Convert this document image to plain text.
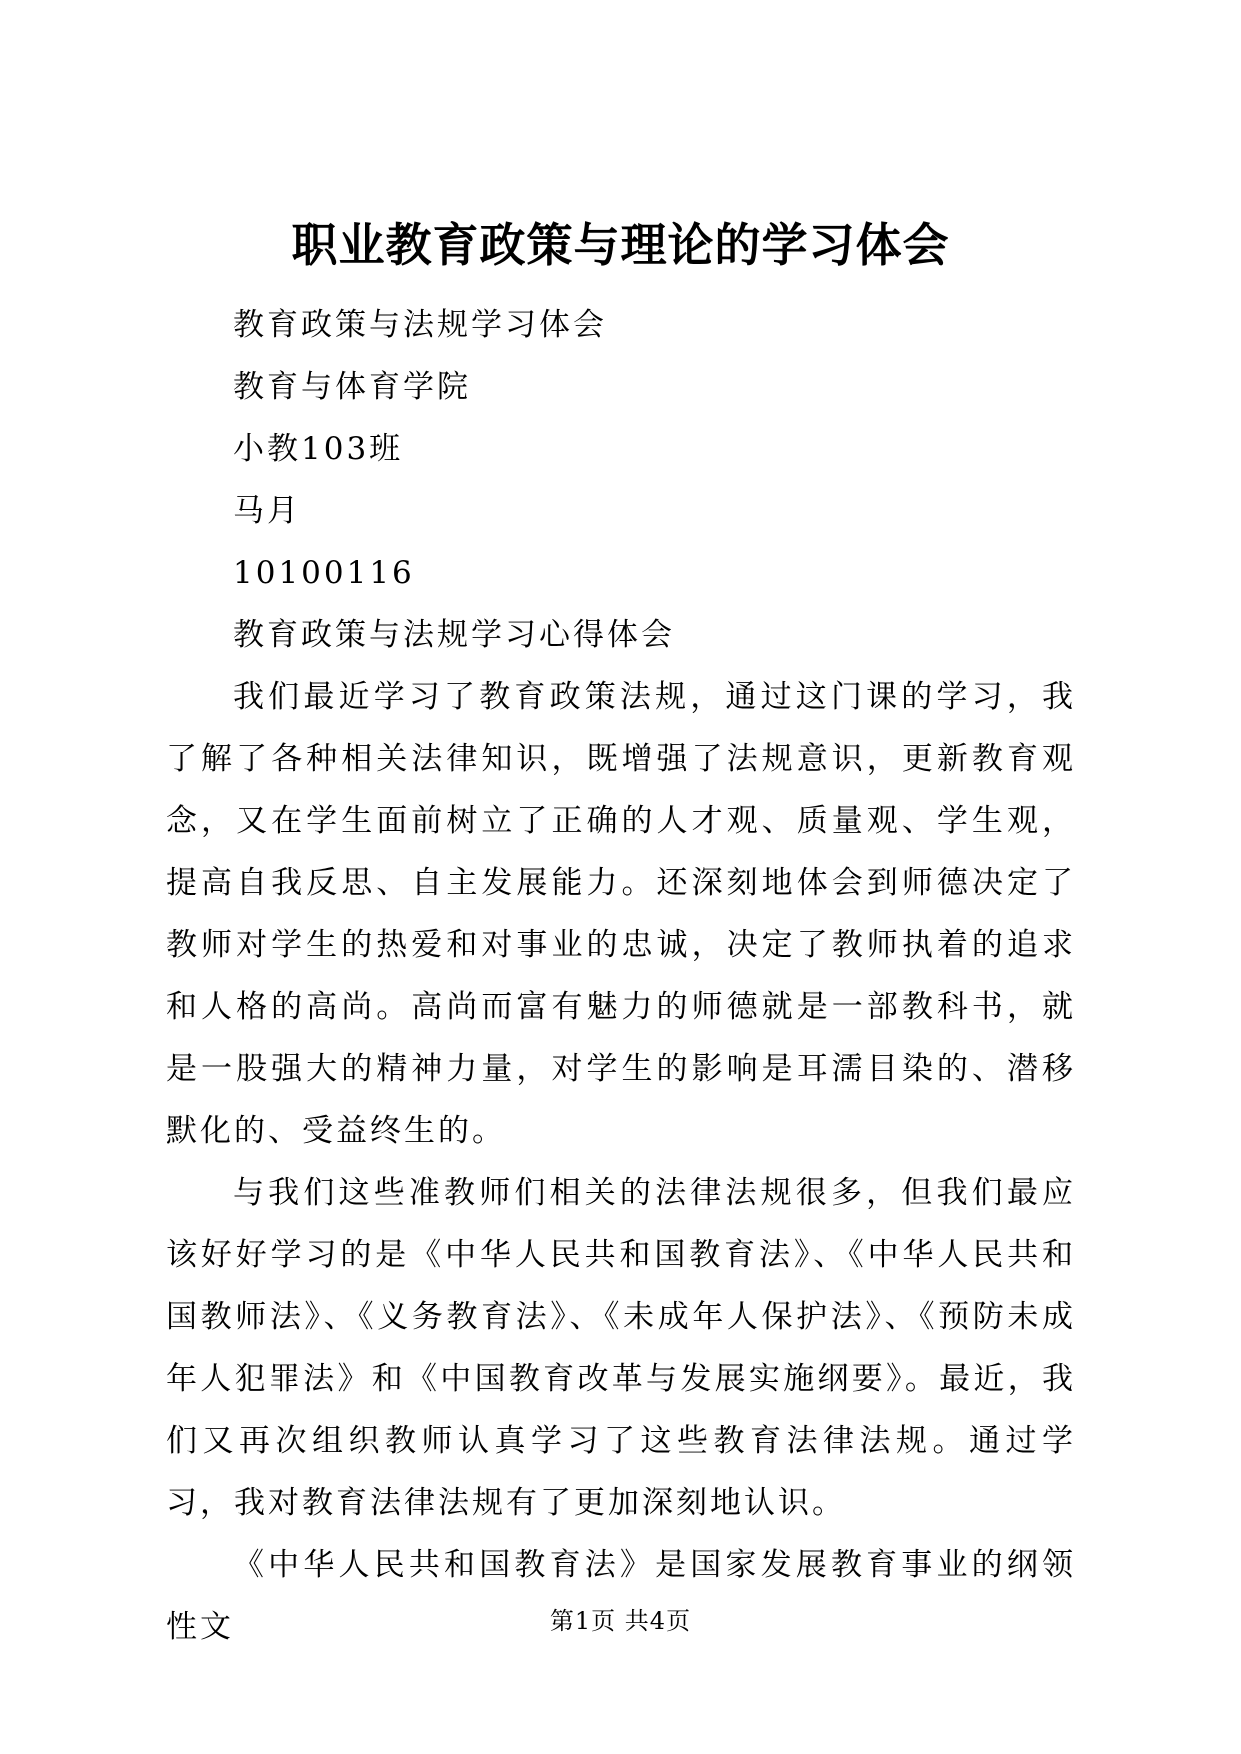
职业教育政策与理论的学习体会
教育政策与法规学习体会
教育与体育学院
小教103班
马月
10100116
教育政策与法规学习心得体会

我们最近学习了教育政策法规，通过这门课的学习，我了解了各种相关法律知识，既增强了法规意识，更新教育观念，又在学生面前树立了正确的人才观、质量观、学生观，提高自我反思、自主发展能力。还深刻地体会到师德决定了教师对学生的热爱和对事业的忠诚，决定了教师执着的追求和人格的高尚。高尚而富有魅力的师德就是一部教科书，就是一股强大的精神力量，对学生的影响是耳濡目染的、潜移默化的、受益终生的。

与我们这些准教师们相关的法律法规很多，但我们最应该好好学习的是《中华人民共和国教育法》、《中华人民共和国教师法》、《义务教育法》、《未成年人保护法》、《预防未成年人犯罪法》和《中国教育改革与发展实施纲要》。最近，我们又再次组织教师认真学习了这些教育法律法规。通过学习，我对教育法律法规有了更加深刻地认识。

《中华人民共和国教育法》是国家发展教育事业的纲领性文	第1页 共4页
